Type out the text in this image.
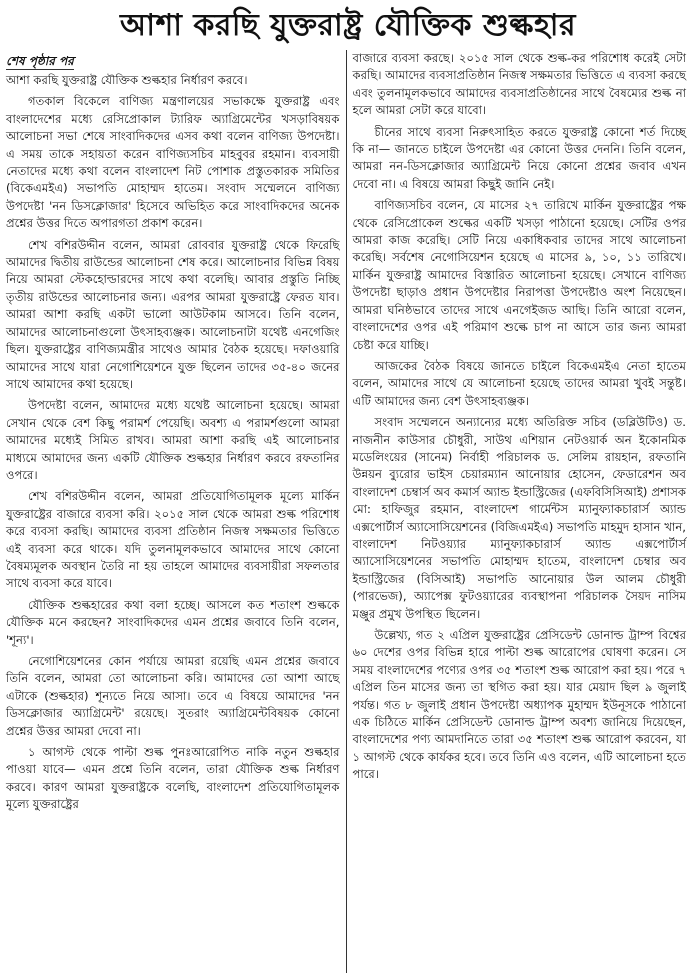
আশা করছি যুক্তরাষ্ট্র যৌক্তিক শুল্কহার
শেষ পৃষ্ঠার পর

আশা করছি যুক্তরাষ্ট্র যৌক্তিক শুল্কহার নির্ধারণ করবে।

গতকাল বিকেলে বাণিজ্য মন্ত্রণালয়ের সভাকক্ষে যুক্তরাষ্ট্র এবং বাংলাদেশের মধ্যে রেসিপ্রোকাল ট্যারিফ অ্যাগ্রিমেন্টের খসড়াবিষয়ক আলোচনা সভা শেষে সাংবাদিকদের এসব কথা বলেন বাণিজ্য উপদেষ্টা। এ সময় তাকে সহায়তা করেন বাণিজ্যসচিব মাহবুবর রহমান। ব্যবসায়ী নেতাদের মধ্যে কথা বলেন বাংলাদেশ নিট পোশাক প্রস্তুতকারক সমিতির (বিকেএমইএ) সভাপতি মোহাম্মদ হাতেম। সংবাদ সম্মেলনে বাণিজ্য উপদেষ্টা 'নন ডিসক্লোজার' হিসেবে অভিহিত করে সাংবাদিকদের অনেক প্রশ্নের উত্তর দিতে অপারগতা প্রকাশ করেন।

শেখ বশিরউদ্দীন বলেন, আমরা রোববার যুক্তরাষ্ট্র থেকে ফিরেছি আমাদের দ্বিতীয় রাউন্ডের আলোচনা শেষ করে। আলোচনার বিভিন্ন বিষয় নিয়ে আমরা স্টেকহোল্ডারদের সাথে কথা বলেছি। আবার প্রস্তুতি নিচ্ছি তৃতীয় রাউন্ডের আলোচনার জন্য। এরপর আমরা যুক্তরাষ্ট্রে ফেরত যাব। আমরা আশা করছি একটা ভালো আউটকাম আসবে। তিনি বলেন, আমাদের আলোচনাগুলো উৎসাহব্যঞ্জক। আলোচনাটা যথেষ্ট এনগেজিং ছিল। যুক্তরাষ্ট্রের বাণিজ্যমন্ত্রীর সাথেও আমার বৈঠক হয়েছে। দফাওয়ারি আমাদের সাথে যারা নেগোশিয়েশনে যুক্ত ছিলেন তাদের ৩৫-৪০ জনের সাথে আমাদের কথা হয়েছে।

উপদেষ্টা বলেন, আমাদের মধ্যে যথেষ্ট আলোচনা হয়েছে। আমরা সেখান থেকে বেশ কিছু পরামর্শ পেয়েছি। অবশ্য এ পরামর্শগুলো আমরা আমাদের মধ্যেই সিমিত রাখব। আমরা আশা করছি এই আলোচনার মাধ্যমে আমাদের জন্য একটি যৌক্তিক শুল্কহার নির্ধারণ করবে রফতানির ওপরে।

শেখ বশিরউদ্দীন বলেন, আমরা প্রতিযোগিতামূলক মূল্যে মার্কিন যুক্তরাষ্ট্রের বাজারে ব্যবসা করি। ২০১৫ সাল থেকে আমরা শুল্ক পরিশোধ করে ব্যবসা করছি। আমাদের ব্যবসা প্রতিষ্ঠান নিজস্ব সক্ষমতার ভিত্তিতে এই ব্যবসা করে থাকে। যদি তুলনামূলকভাবে আমাদের সাথে কোনো বৈষম্যমূলক অবস্থান তৈরি না হয় তাহলে আমাদের ব্যবসায়ীরা সফলতার সাথে ব্যবসা করে যাবে।

যৌক্তিক শুল্কহারের কথা বলা হচ্ছে। আসলে কত শতাংশ শুল্ককে যৌক্তিক মনে করছেন? সাংবাদিকদের এমন প্রশ্নের জবাবে তিনি বলেন, 'শূন্য'।

নেগোশিয়েশনের কোন পর্যায়ে আমরা রয়েছি এমন প্রশ্নের জবাবে তিনি বলেন, আমরা তো আলোচনা করি। আমাদের তো আশা আছে এটাকে (শুল্কহার) শূন্যতে নিয়ে আসা। তবে এ বিষয়ে আমাদের 'নন ডিসক্লোজার অ্যাগ্রিমেন্ট' রয়েছে। সুতরাং অ্যাগ্রিমেন্টবিষয়ক কোনো প্রশ্নের উত্তর আমরা দেবো না।

১ আগস্ট থেকে পাল্টা শুল্ক পুনঃআরোপিত নাকি নতুন শুল্কহার পাওয়া যাবে— এমন প্রশ্নে তিনি বলেন, তারা যৌক্তিক শুল্ক নির্ধারণ করবে। কারণ আমরা যুক্তরাষ্ট্রকে বলেছি, বাংলাদেশ প্রতিযোগিতামূলক মূল্যে যুক্তরাষ্ট্রের

বাজারে ব্যবসা করছে। ২০১৫ সাল থেকে শুল্ক-কর পরিশোধ করেই সেটা করছি। আমাদের ব্যবসাপ্রতিষ্ঠান নিজস্ব সক্ষমতার ভিত্তিতে এ ব্যবসা করছে এবং তুলনামূলকভাবে আমাদের ব্যবসাপ্রতিষ্ঠানের সাথে বৈষম্যের শুল্ক না হলে আমরা সেটা করে যাবো।

চীনের সাথে ব্যবসা নিরুৎসাহিত করতে যুক্তরাষ্ট্র কোনো শর্ত দিচ্ছে কি না— জানতে চাইলে উপদেষ্টা এর কোনো উত্তর দেননি। তিনি বলেন, আমরা নন-ডিসক্লোজার অ্যাগ্রিমেন্ট নিয়ে কোনো প্রশ্নের জবাব এখন দেবো না। এ বিষয়ে আমরা কিছুই জানি নেই।

বাণিজ্যসচিব বলেন, যে মাসের ২৭ তারিখে মার্কিন যুক্তরাষ্ট্রের পক্ষ থেকে রেসিপ্রোকেল শুল্কের একটি খসড়া পাঠানো হয়েছে। সেটির ওপর আমরা কাজ করেছি। সেটি নিয়ে একাধিকবার তাদের সাথে আলোচনা করেছি। সর্বশেষ নেগোসিয়েশন হয়েছে এ মাসের ৯, ১০, ১১ তারিখে। মার্কিন যুক্তরাষ্ট্র আমাদের বিস্তারিত আলোচনা হয়েছে। সেখানে বাণিজ্য উপদেষ্টা ছাড়াও প্রধান উপদেষ্টার নিরাপত্তা উপদেষ্টাও অংশ নিয়েছেন। আমরা ঘনিষ্ঠভাবে তাদের সাথে এনগেইজড আছি। তিনি আরো বলেন, বাংলাদেশের ওপর এই পরিমাণ শুল্কে চাপ না আসে তার জন্য আমরা চেষ্টা করে যাচ্ছি।

আজকের বৈঠক বিষয়ে জানতে চাইলে বিকেএমইএ নেতা হাতেম বলেন, আমাদের সাথে যে আলোচনা হয়েছে তাদের আমরা খুবই সন্তুষ্ট। এটি আমাদের জন্য বেশ উৎসাহব্যঞ্জক।

সংবাদ সম্মেলনে অন্যান্যের মধ্যে অতিরিক্ত সচিব (ডব্লিউটিও) ড. নাজনীন কাউসার চৌধুরী, সাউথ এশিয়ান নেটওয়ার্ক অন ইকোনমিক মডেলিংয়ের (সানেম) নির্বাহী পরিচালক ড. সেলিম রায়হান, রফতানি উন্নয়ন ব্যুরোর ভাইস চেয়ারম্যান আনোয়ার হোসেন, ফেডারেশন অব বাংলাদেশ চেম্বার্স অব কমার্স অ্যান্ড ইন্ডাস্ট্রিজের (এফবিসিসিআই) প্রশাসক মো: হাফিজুর রহমান, বাংলাদেশ গার্মেন্টস ম্যানুফ্যাকচারার্স অ্যান্ড এক্সপোর্টার্স অ্যাসোসিয়েশনের (বিজিএমইএ) সভাপতি মাহমুদ হাসান খান, বাংলাদেশ নিটওয়্যার ম্যানুফ্যাকচারার্স অ্যান্ড এক্সপোর্টার্স অ্যাসোসিয়েশনের সভাপতি মোহাম্মদ হাতেম, বাংলাদেশ চেম্বার অব ইন্ডাস্ট্রিজের (বিসিআই) সভাপতি আনোয়ার উল আলম চৌধুরী (পারভেজ), অ্যাপেক্স ফুটওয়্যারের ব্যবস্থাপনা পরিচালক সৈয়দ নাসিম মঞ্জুর প্রমুখ উপস্থিত ছিলেন।

উল্লেখ্য, গত ২ এপ্রিল যুক্তরাষ্ট্রের প্রেসিডেন্ট ডোনাল্ড ট্রাম্প বিশ্বের ৬০ দেশের ওপর বিভিন্ন হারে পাল্টা শুল্ক আরোপের ঘোষণা করেন। সে সময় বাংলাদেশের পণ্যের ওপর ৩৫ শতাংশ শুল্ক আরোপ করা হয়। পরে ৭ এপ্রিল তিন মাসের জন্য তা স্থগিত করা হয়। যার মেয়াদ ছিল ৯ জুলাই পর্যন্ত। গত ৮ জুলাই প্রধান উপদেষ্টা অধ্যাপক মুহাম্মদ ইউনূসকে পাঠানো এক চিঠিতে মার্কিন প্রেসিডেন্ট ডোনাল্ড ট্রাম্প অবশ্য জানিয়ে দিয়েছেন, বাংলাদেশের পণ্য আমদানিতে তারা ৩৫ শতাংশ শুল্ক আরোপ করবেন, যা ১ আগস্ট থেকে কার্যকর হবে। তবে তিনি এও বলেন, এটি আলোচনা হতে পারে।
